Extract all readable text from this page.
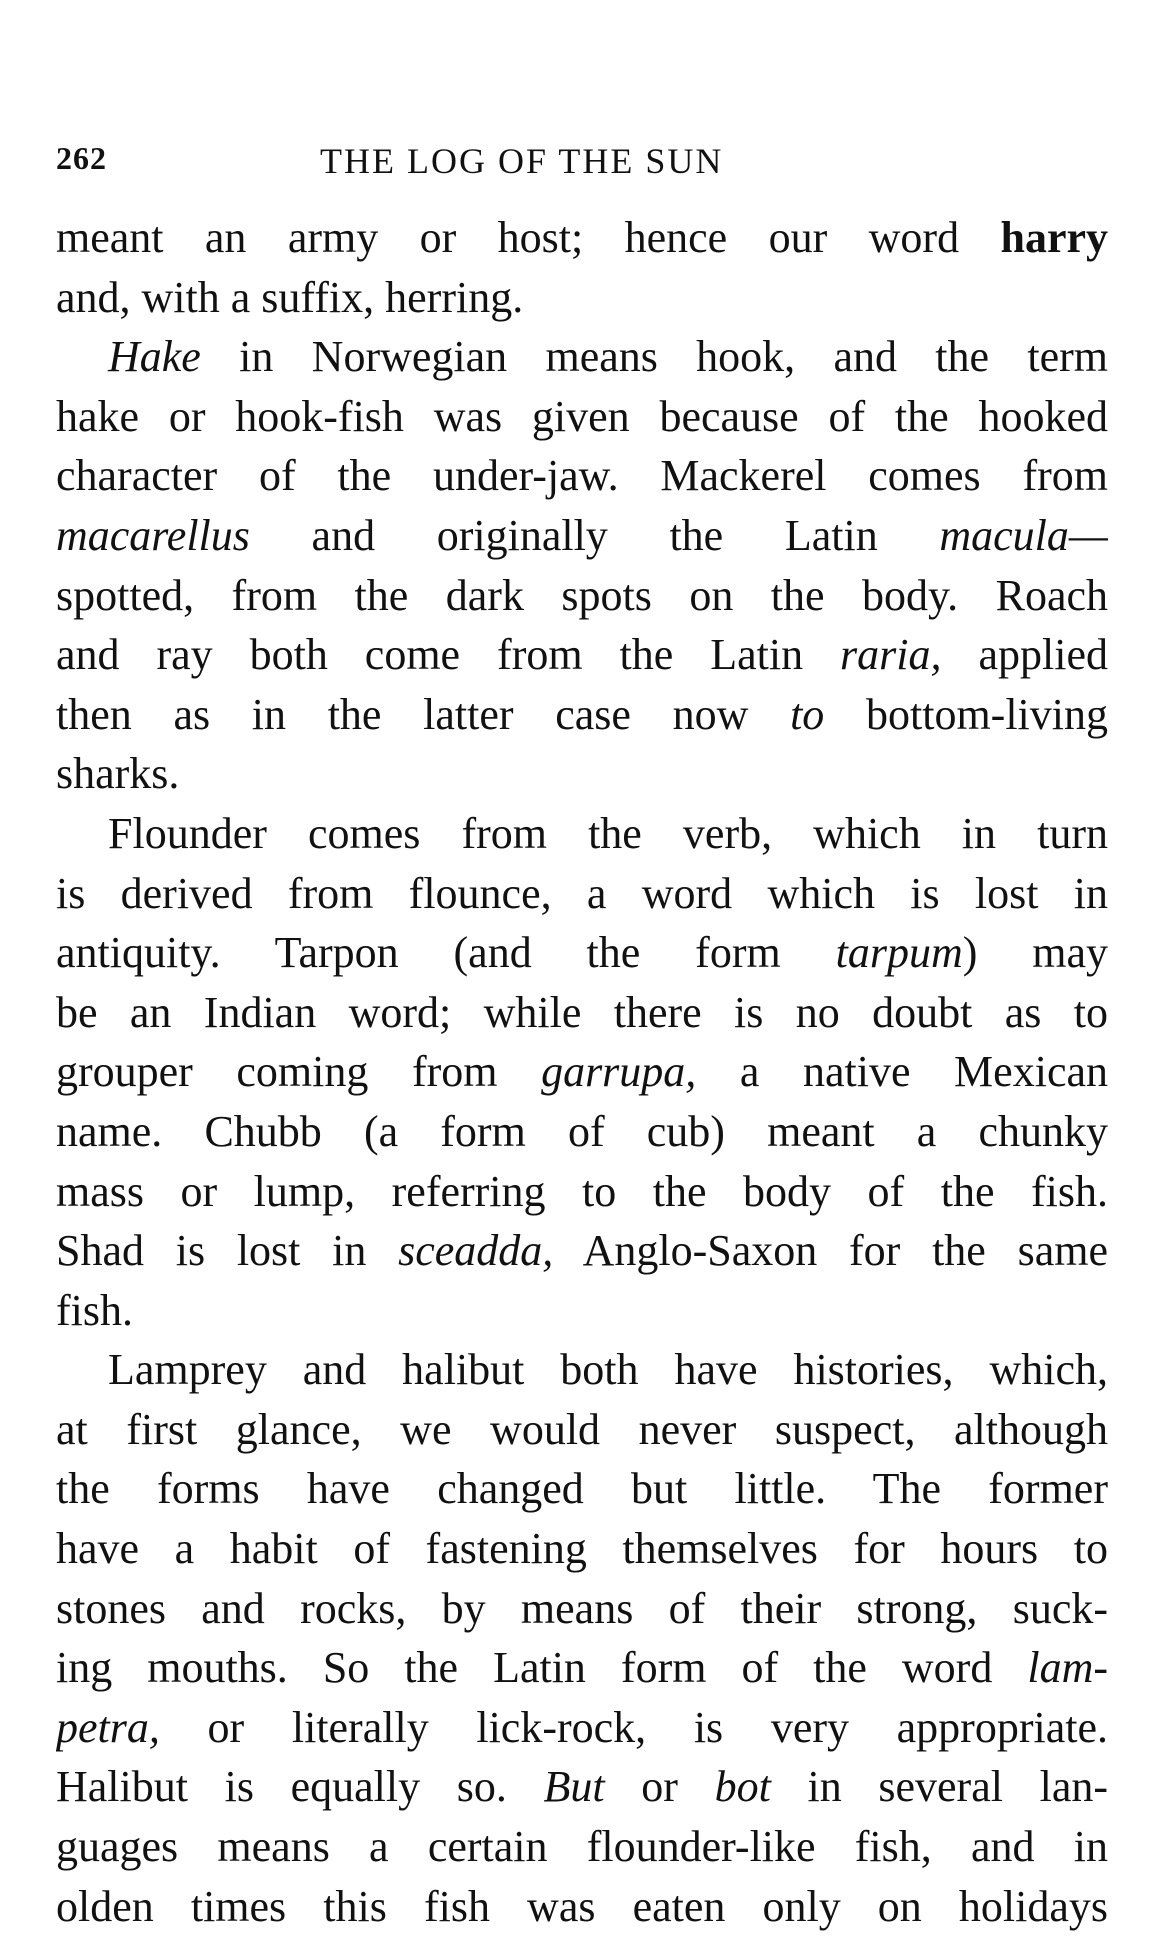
262	THE LOG OF THE SUN
meant an army or host; hence our word harry
and, with a suffix, herring.
Hake in Norwegian means hook, and the term
hake or hook-fish was given because of the hooked
character of the under-jaw. Mackerel comes from
macarellus and originally the Latin macula—
spotted, from the dark spots on the body. Roach
and ray both come from the Latin raria, applied
then as in the latter case now to bottom-living
sharks.
Flounder comes from the verb, which in turn
is derived from flounce, a word which is lost in
antiquity. Tarpon (and the form tarpum) may
be an Indian word; while there is no doubt as to
grouper coming from garrupa, a native Mexican
name. Chubb (a form of cub) meant a chunky
mass or lump, referring to the body of the fish.
Shad is lost in sceadda, Anglo-Saxon for the same
fish.
Lamprey and halibut both have histories, which,
at first glance, we would never suspect, although
the forms have changed but little. The former
have a habit of fastening themselves for hours to
stones and rocks, by means of their strong, suck-
ing mouths. So the Latin form of the word lam-
petra, or literally lick-rock, is very appropriate.
Halibut is equally so. But or bot in several lan-
guages means a certain flounder-like fish, and in
olden times this fish was eaten only on holidays
